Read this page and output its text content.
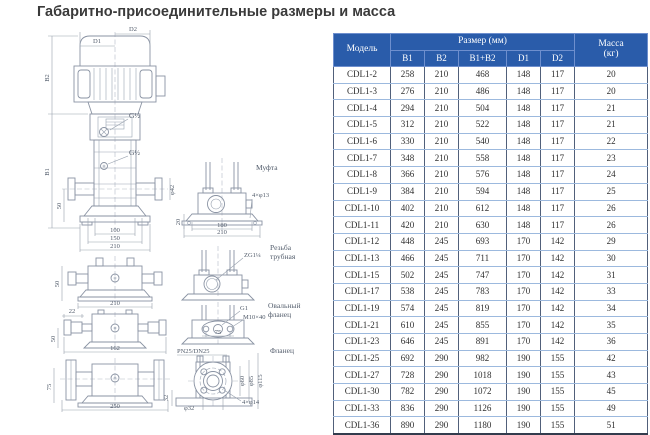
Габаритно-присоединительные размеры и масса
D1
D2
B2
B1
50
φ42
G½
G½
100
150
210
50
210
22
50
162
75
250
Муфта
4×φ13
20	180
210
Резьба
трубная
ZG1¼
Овальный
фланец
G1
M10×40
75
PN25/DN25	Фланец
φ60 φ85 φ115
32
φ32
4×φ14
Модель	Размер (мм)					Масса
(кг)
	B1	B2	B1+B2	D1	D2	
CDL1-2	258	210	468	148	117	20
CDL1-3	276	210	486	148	117	20
CDL1-4	294	210	504	148	117	21
CDL1-5	312	210	522	148	117	21
CDL1-6	330	210	540	148	117	22
CDL1-7	348	210	558	148	117	23
CDL1-8	366	210	576	148	117	24
CDL1-9	384	210	594	148	117	25
CDL1-10	402	210	612	148	117	26
CDL1-11	420	210	630	148	117	26
CDL1-12	448	245	693	170	142	29
CDL1-13	466	245	711	170	142	30
CDL1-15	502	245	747	170	142	31
CDL1-17	538	245	783	170	142	33
CDL1-19	574	245	819	170	142	34
CDL1-21	610	245	855	170	142	35
CDL1-23	646	245	891	170	142	36
CDL1-25	692	290	982	190	155	42
CDL1-27	728	290	1018	190	155	43
CDL1-30	782	290	1072	190	155	45
CDL1-33	836	290	1126	190	155	49
CDL1-36	890	290	1180	190	155	51
